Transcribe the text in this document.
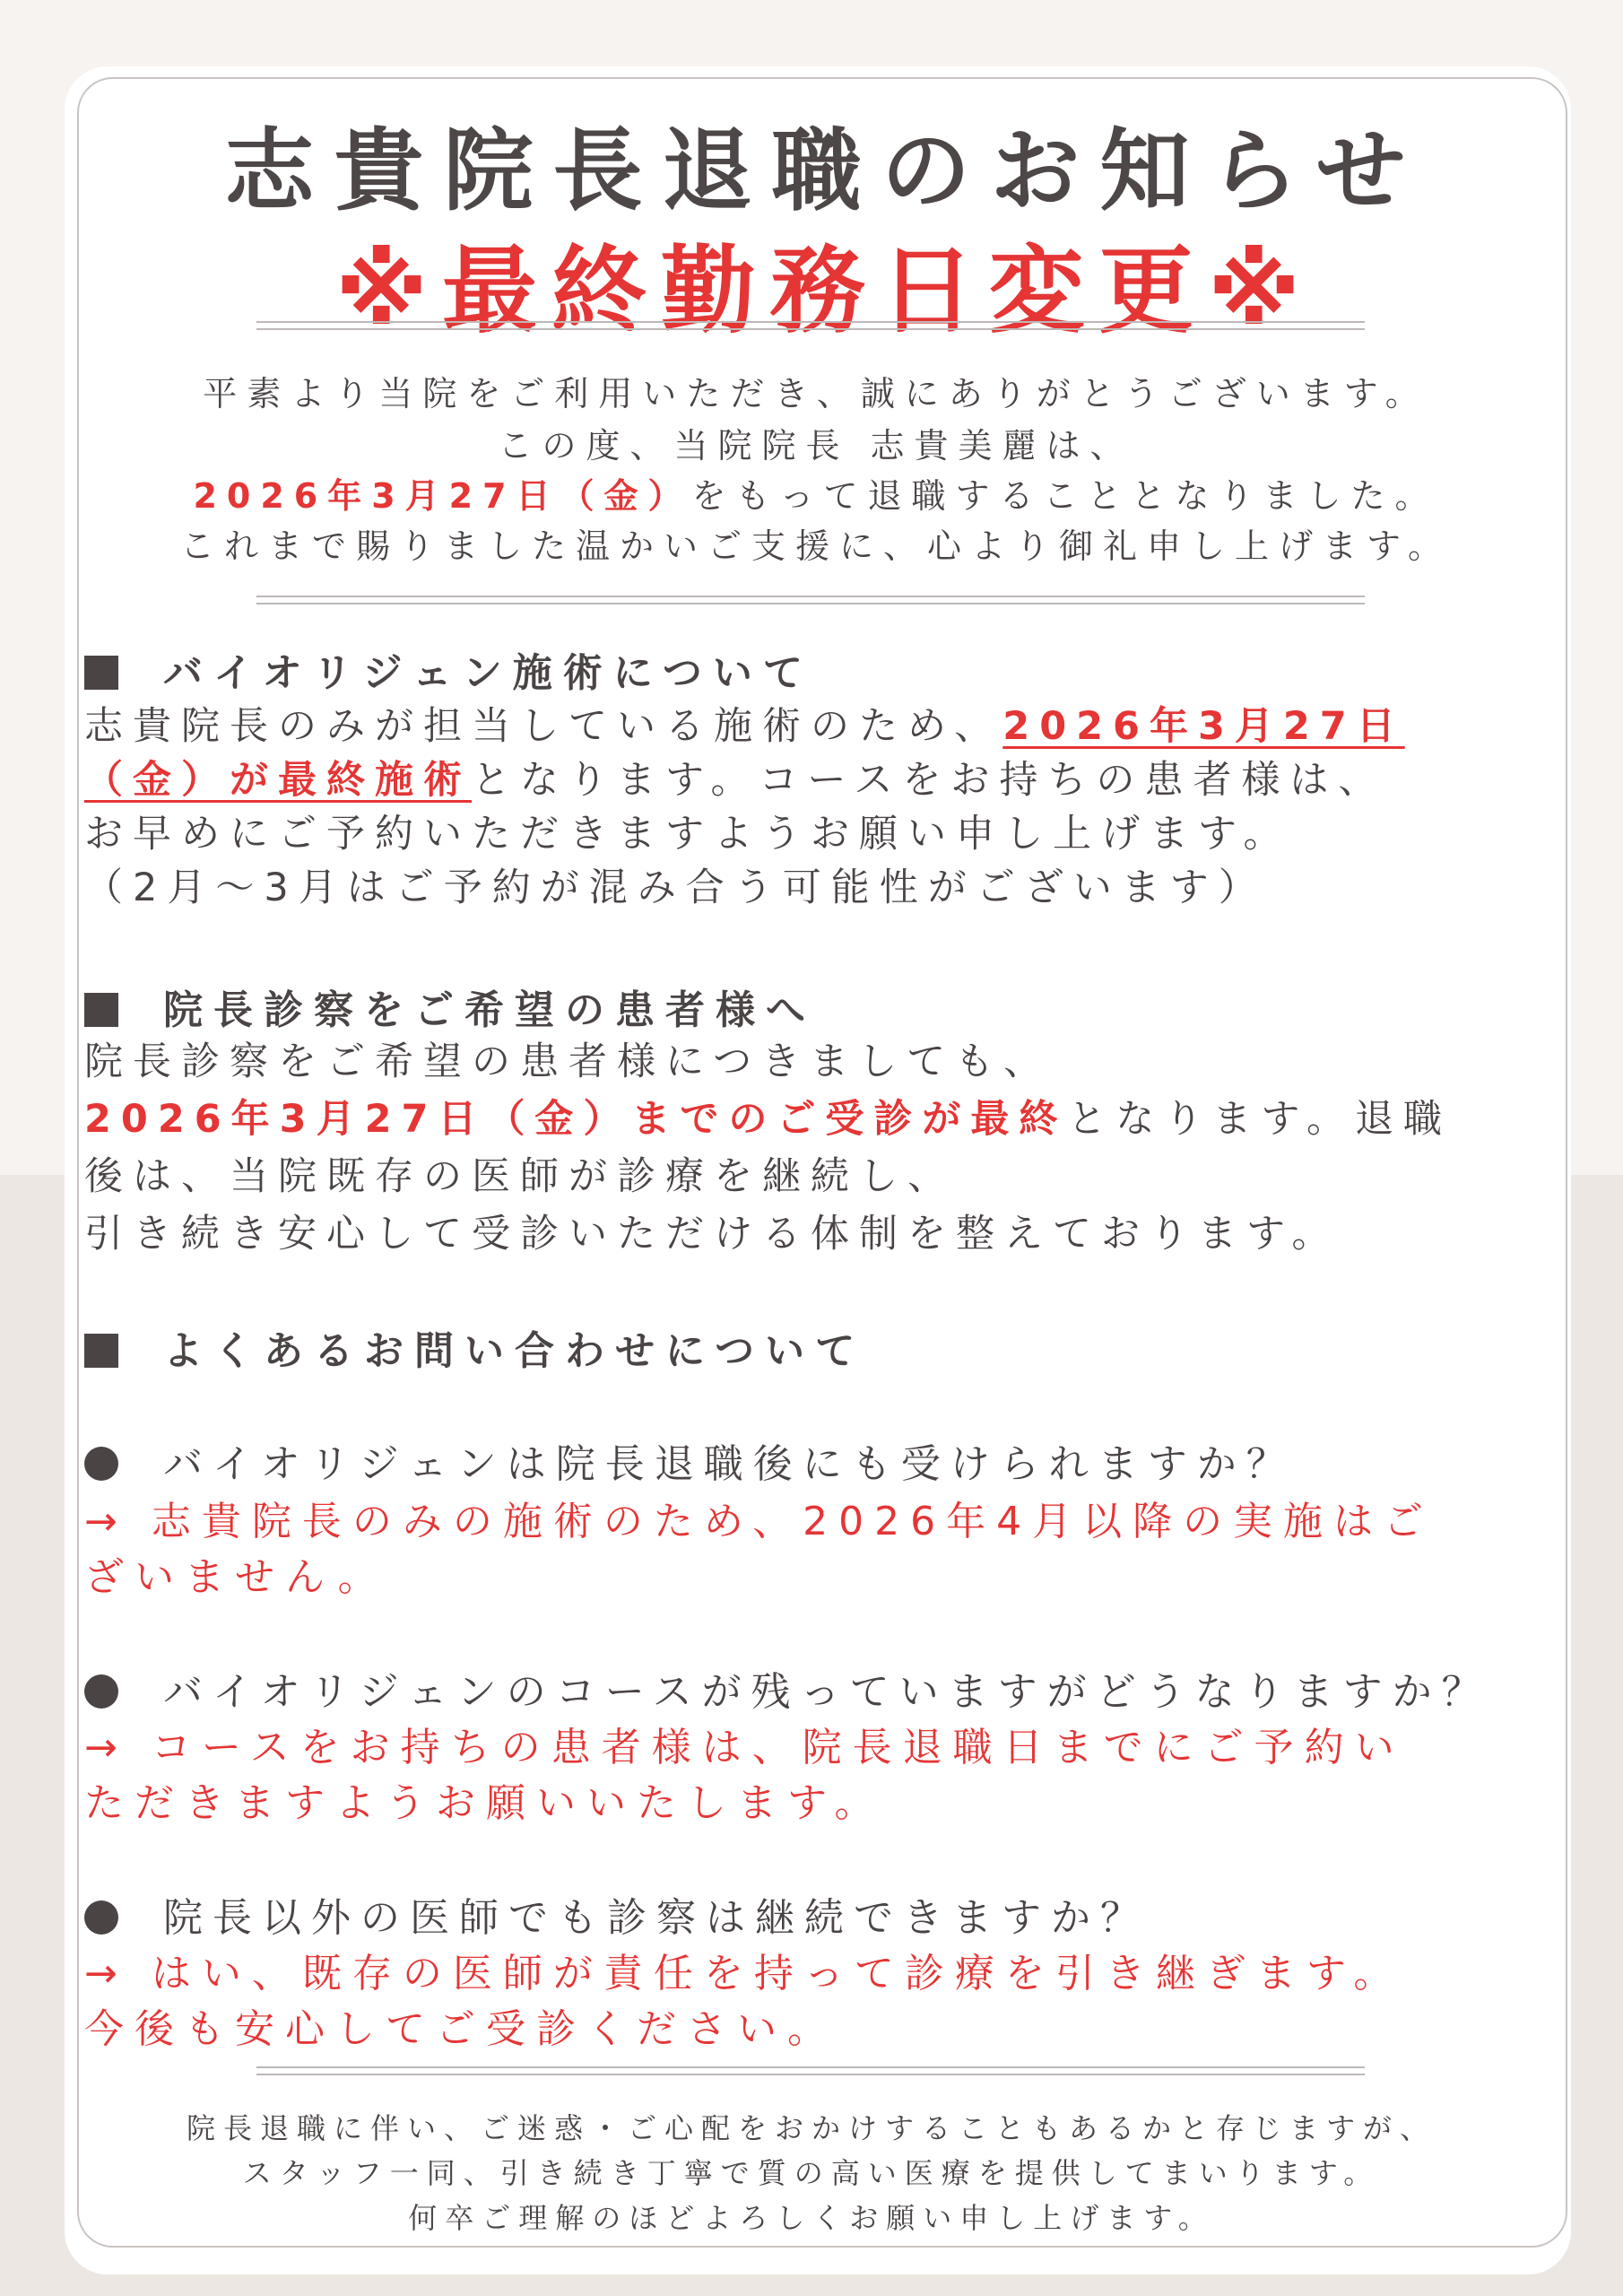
志貴院長退職のお知らせ
※最終勤務日変更※
平素より当院をご利用いただき、誠にありがとうございます。
この度、当院院長 志貴美麗は、
2026年3月27日（金）をもって退職することとなりました。
これまで賜りました温かいご支援に、心より御礼申し上げます。
バイオリジェン施術について
志貴院長のみが担当している施術のため、2026年3月27日
（金）が最終施術となります。コースをお持ちの患者様は、
お早めにご予約いただきますようお願い申し上げます。
（2月〜3月はご予約が混み合う可能性がございます）
院長診察をご希望の患者様へ
院長診察をご希望の患者様につきましても、
2026年3月27日（金）までのご受診が最終となります。退職
後は、当院既存の医師が診療を継続し、
引き続き安心して受診いただける体制を整えております。
よくあるお問い合わせについて
バイオリジェンは院長退職後にも受けられますか？
→ 志貴院長のみの施術のため、2026年4月以降の実施はご
ざいません。
バイオリジェンのコースが残っていますがどうなりますか？
→ コースをお持ちの患者様は、院長退職日までにご予約い
ただきますようお願いいたします。
院長以外の医師でも診察は継続できますか？
→ はい、既存の医師が責任を持って診療を引き継ぎます。
今後も安心してご受診ください。
院長退職に伴い、ご迷惑・ご心配をおかけすることもあるかと存じますが、
スタッフ一同、引き続き丁寧で質の高い医療を提供してまいります。
何卒ご理解のほどよろしくお願い申し上げます。
